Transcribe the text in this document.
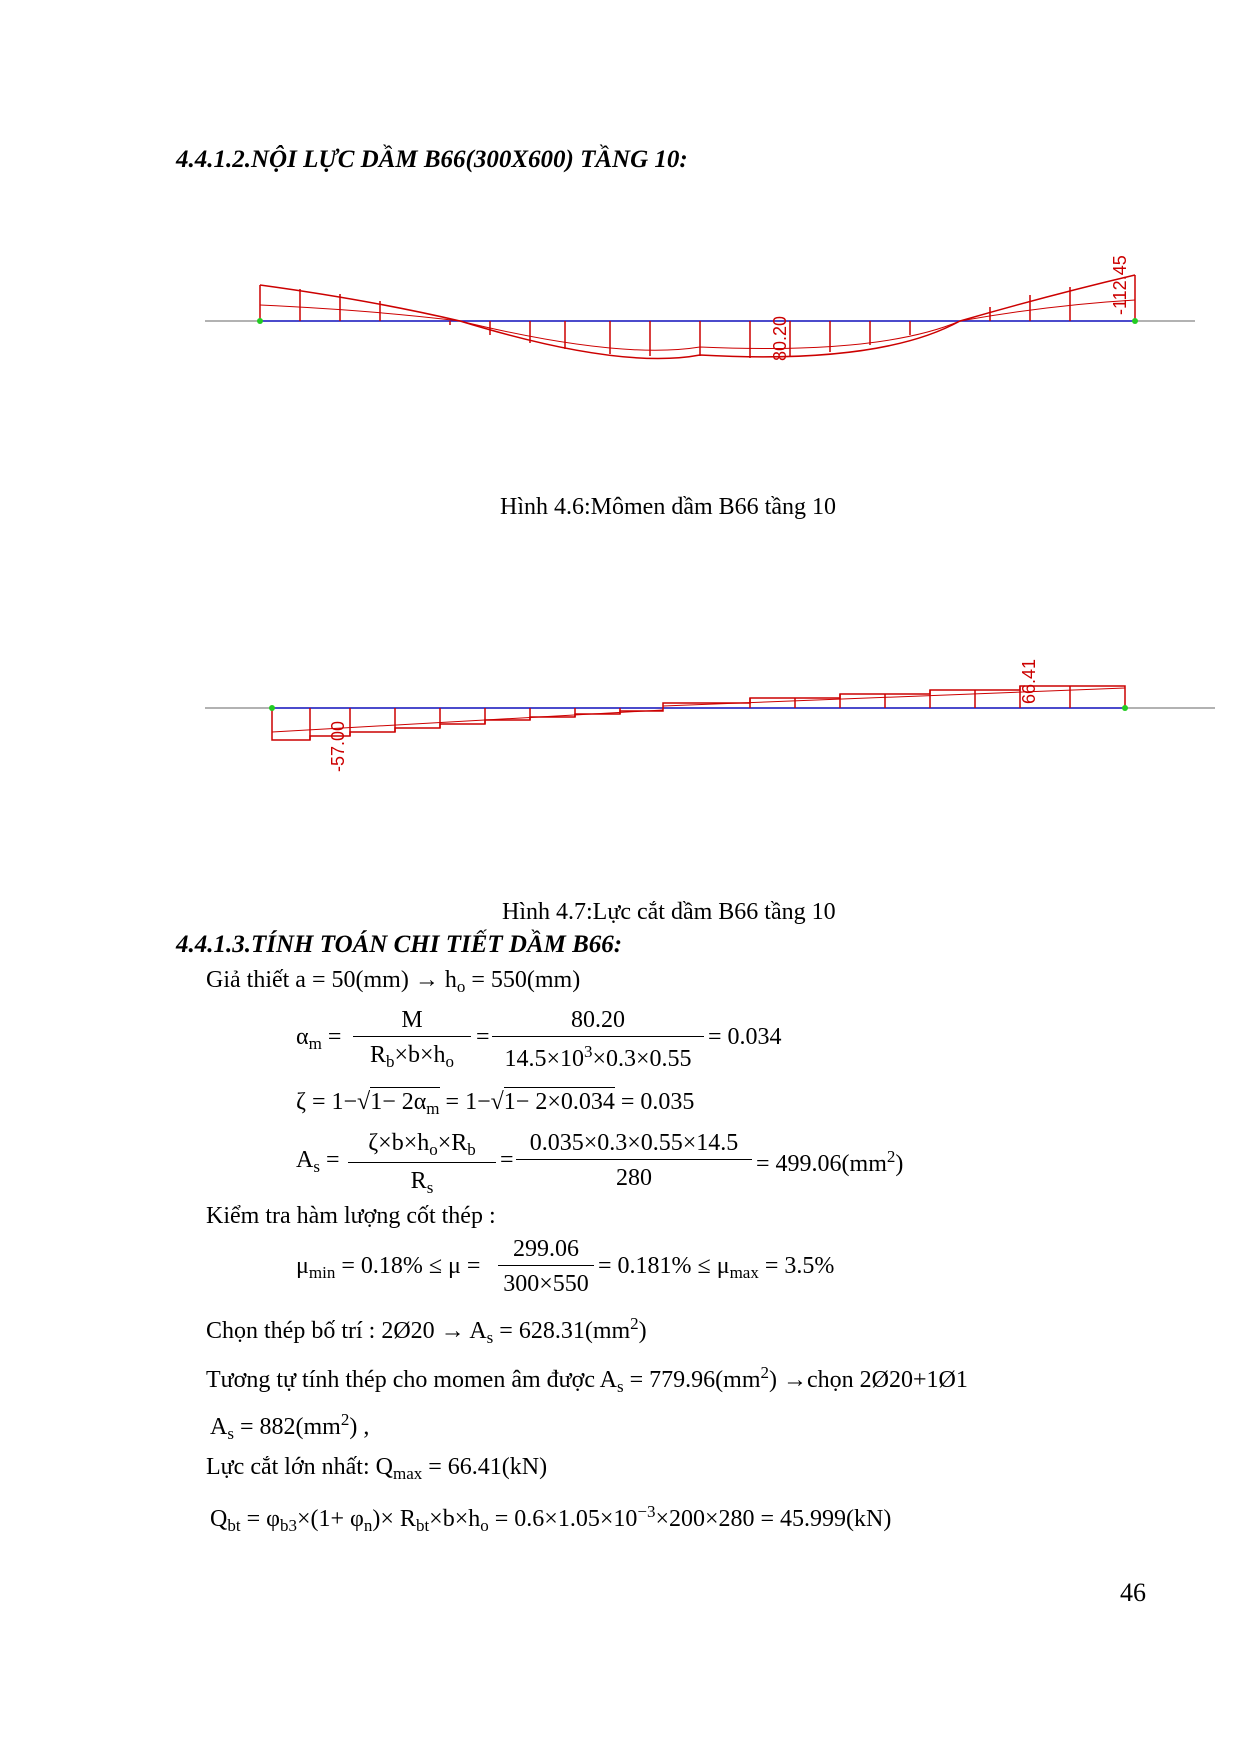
4.4.1.2.NỘI LỰC DẦM B66(300X600) TẦNG 10:
-112.45
80.20
Hình 4.6:Mômen dầm B66 tầng 10
-57.00
66.41
Hình 4.7:Lực cắt dầm B66 tầng 10
4.4.1.3.TÍNH TOÁN CHI TIẾT DẦM B66:
Giả thiết $a = 50(mm) \to h_o = 550(mm)$
$\alpha_m = \frac{M}{R_b\times b\times h_o} = \frac{80.20}{14.5\times 10^3\times 0.3\times 0.55} = 0.034$
$\zeta = 1-√1- 2\alpha_m = 1-√1- 2\times 0.034 = 0.035$
$A_s = \frac{\zeta\times b\times h_o\times R_b}{R_s} = \frac{0.035\times 0.3\times 0.55\times 14.5}{280} = 499.06(mm^2)$
Kiểm tra hàm lượng cốt thép :
$\mu_{min} = 0.18\% \le \mu = \frac{299.06}{300\times 550} = 0.181\% \le \mu_{max} = 3.5\%$
Chọn thép bố trí : 2Ø20 → $A_s = 628.31(mm^2)$
Tương tự tính thép cho momen âm được $A_s = 779.96(mm^2)$ →chọn 2Ø20+1Ø1
$A_s = 882(mm^2)$ ,
Lực cắt lớn nhất: $Q_{max} = 66.41(kN)$
$Q_{bt} = \varphi_{b3}\times(1+ \varphi_n)\times R_{bt}\times b\times h_o = 0.6\times 1.05\times 10^{-3}\times 200\times 280 = 45.999(kN)$
46
